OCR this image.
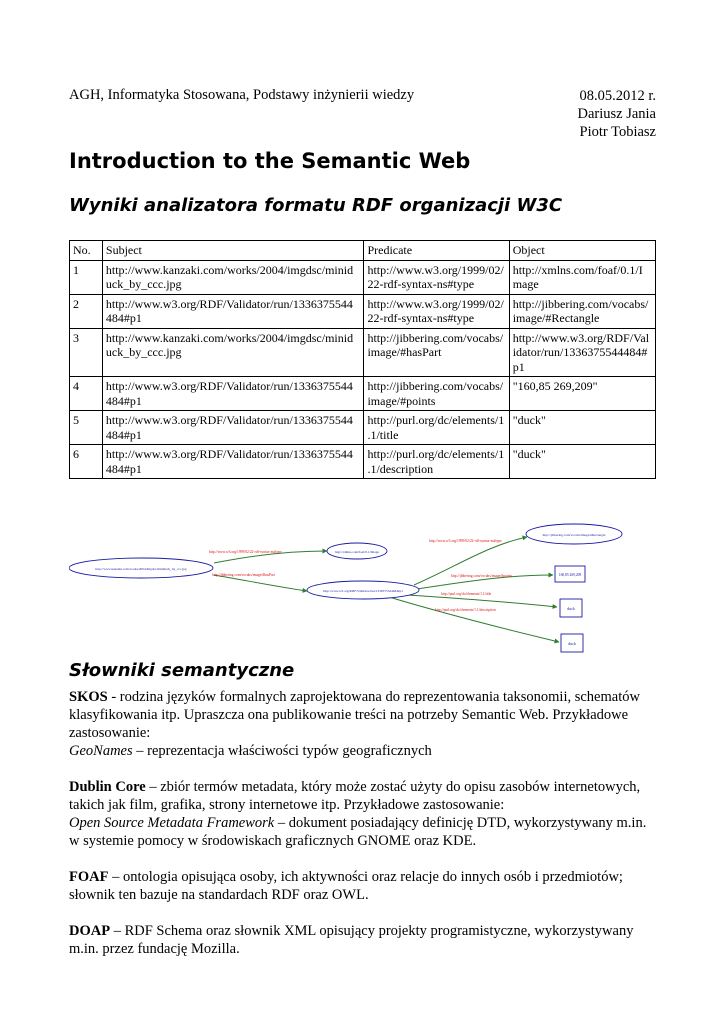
AGH, Informatyka Stosowana, Podstawy inżynierii wiedzy	08.05.2012 r.
Dariusz Jania
Piotr Tobiasz
Introduction to the Semantic Web
Wyniki analizatora formatu RDF organizacji W3C
No.	Subject	Predicate	Object
1	http://www.kanzaki.com/works/2004/imgdsc/minid uck_by_ccc.jpg	http://www.w3.org/1999/02/ 22-rdf-syntax-ns#type	http://xmlns.com/foaf/0.1/I mage
2	http://www.w3.org/RDF/Validator/run/1336375544 484#p1	http://www.w3.org/1999/02/ 22-rdf-syntax-ns#type	http://jibbering.com/vocabs/ image/#Rectangle
3	http://www.kanzaki.com/works/2004/imgdsc/minid uck_by_ccc.jpg	http://jibbering.com/vocabs/ image/#hasPart	http://www.w3.org/RDF/Val idator/run/1336375544484# p1
4	http://www.w3.org/RDF/Validator/run/1336375544 484#p1	http://jibbering.com/vocabs/ image/#points	"160,85 269,209"
5	http://www.w3.org/RDF/Validator/run/1336375544 484#p1	http://purl.org/dc/elements/1 .1/title	"duck"
6	http://www.w3.org/RDF/Validator/run/1336375544 484#p1	http://purl.org/dc/elements/1 .1/description	"duck"
http://www.w3.org/1999/02/22-rdf-syntax-ns#type
http://jibbering.com/vocabs/image/#hasPart
http://www.w3.org/1999/02/22-rdf-syntax-ns#type
http://jibbering.com/vocabs/image/#points
http://purl.org/dc/elements/1.1/title
http://purl.org/dc/elements/1.1/description
http://www.kanzaki.com/works/2004/imgdsc/miniduck_by_ccc.jpg
http://xmlns.com/foaf/0.1/Image
http://www.w3.org/RDF/Validator/run/1336375544484#p1
http://jibbering.com/vocabs/image/#Rectangle
160,85 269,209
duck
duck
Słowniki semantyczne

SKOS - rodzina języków formalnych zaprojektowana do reprezentowania taksonomii, schematów klasyfikowania itp. Upraszcza ona publikowanie treści na potrzeby Semantic Web. Przykładowe zastosowanie:
GeoNames – reprezentacja właściwości typów geograficznych

Dublin Core – zbiór termów metadata, który może zostać użyty do opisu zasobów internetowych, takich jak film, grafika, strony internetowe itp. Przykładowe zastosowanie:
Open Source Metadata Framework – dokument posiadający definicję DTD, wykorzystywany m.in. w systemie pomocy w środowiskach graficznych GNOME oraz KDE.

FOAF – ontologia opisująca osoby, ich aktywności oraz relacje do innych osób i przedmiotów; słownik ten bazuje na standardach RDF oraz OWL.

DOAP – RDF Schema oraz słownik XML opisujący projekty programistyczne, wykorzystywany m.in. przez fundację Mozilla.
